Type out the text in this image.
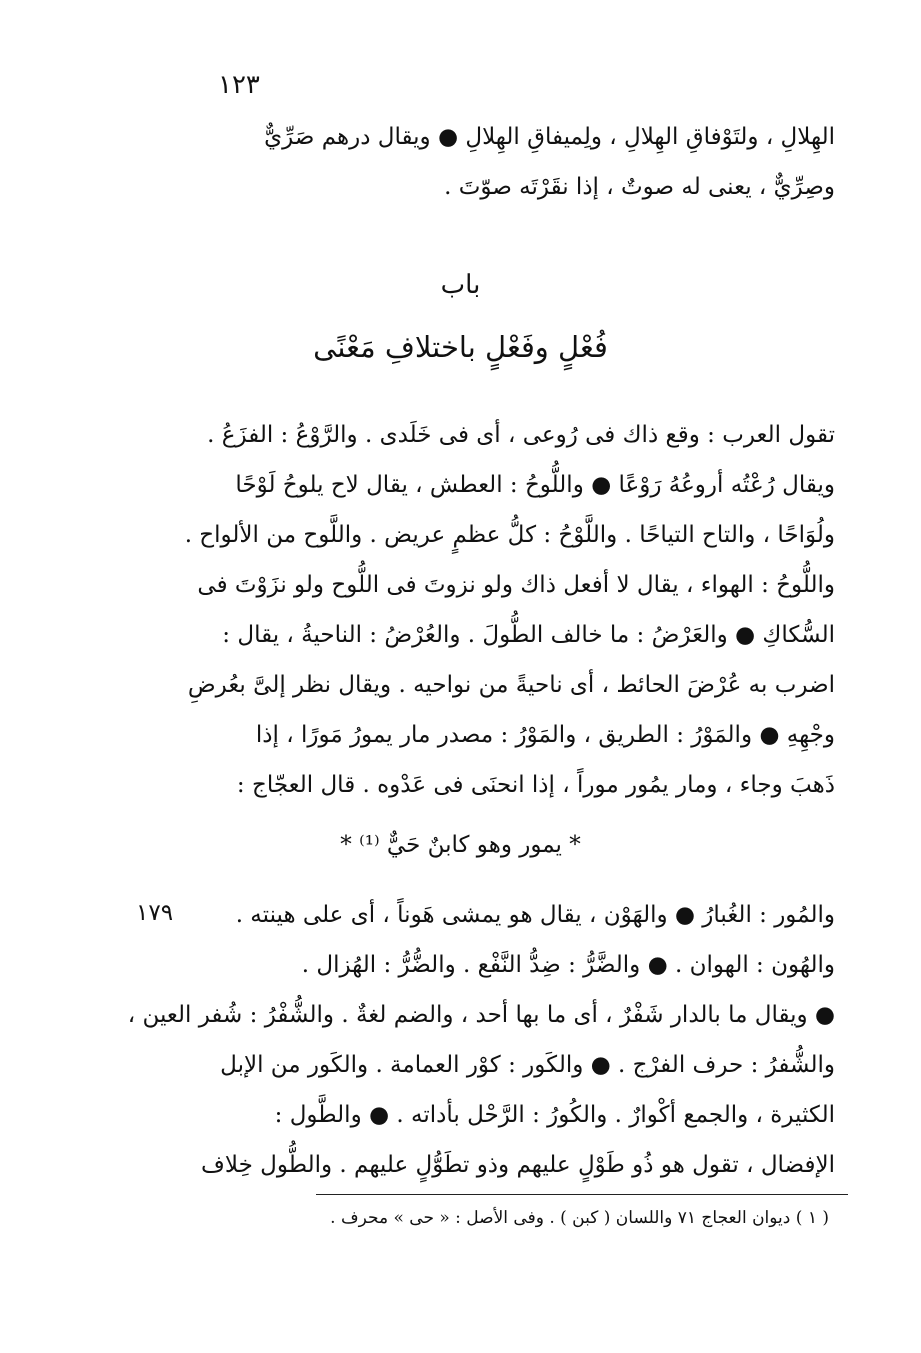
١٢٣
الهِلالِ ، ولتَوْفاقِ الهِلالِ ، ولِميفاقِ الهِلالِ ● ويقال درهم صَرِّيٌّ
وصِرِّيٌّ ، يعنى له صوتٌ ، إذا نقَرْتَه صوّتَ .
باب
فُعْلٍ وفَعْلٍ باختلافِ مَعْنًى
تقول العرب : وقع ذاك فى رُوعى ، أى فى خَلَدى . والرَّوْعُ : الفزَعُ .
ويقال رُعْتُه أروعُهُ رَوْعًا ● واللُّوحُ : العطش ، يقال لاح يلوحُ لَوْحًا
ولُوَاحًا ، والتاح التياحًا . واللَّوْحُ : كلُّ عظمٍ عريض . واللَّوح من الألواح .
واللُّوحُ : الهواء ، يقال لا أفعل ذاك ولو نزوتَ فى اللُّوح ولو نزَوْتَ فى
السُّكاكِ ● والعَرْضُ : ما خالف الطُّولَ . والعُرْضُ : الناحيةُ ، يقال :
اضرب به عُرْضَ الحائط ، أى ناحيةً من نواحيه . ويقال نظر إلىَّ بعُرضِ
وجْهِهِ ● والمَوْرُ : الطريق ، والمَوْرُ : مصدر مار يمورُ مَورًا ، إذا
ذَهبَ وجاء ، ومار يمُور موراً ، إذا انحنَى فى عَدْوه . قال العجّاج :
* يمور وهو كابنٌ حَيٌّ ⁽¹⁾ *
١٧٩	والمُور : الغُبارُ ● والهَوْن ، يقال هو يمشى هَوناً ، أى على هينته .
والهُون : الهوان . ● والضَّرُّ : ضِدُّ النَّفْع . والضُّرُّ : الهُزال .
● ويقال ما بالدار شَفْرٌ ، أى ما بها أحد ، والضم لغةٌ . والشُّفْرُ : شُفر العين ،
والشُّفرُ : حرف الفرْج . ● والكَور : كوْر العمامة . والكَور من الإبل
الكثيرة ، والجمع أكْوارٌ . والكُورُ : الرَّحْل بأداته . ● والطَّول :
الإفضال ، تقول هو ذُو طَوْلٍ عليهم وذو تطَوُّلٍ عليهم . والطُّول خِلاف
( ١ ) ديوان العجاج ٧١ واللسان ( كبن ) . وفى الأصل : « حى » محرف .
